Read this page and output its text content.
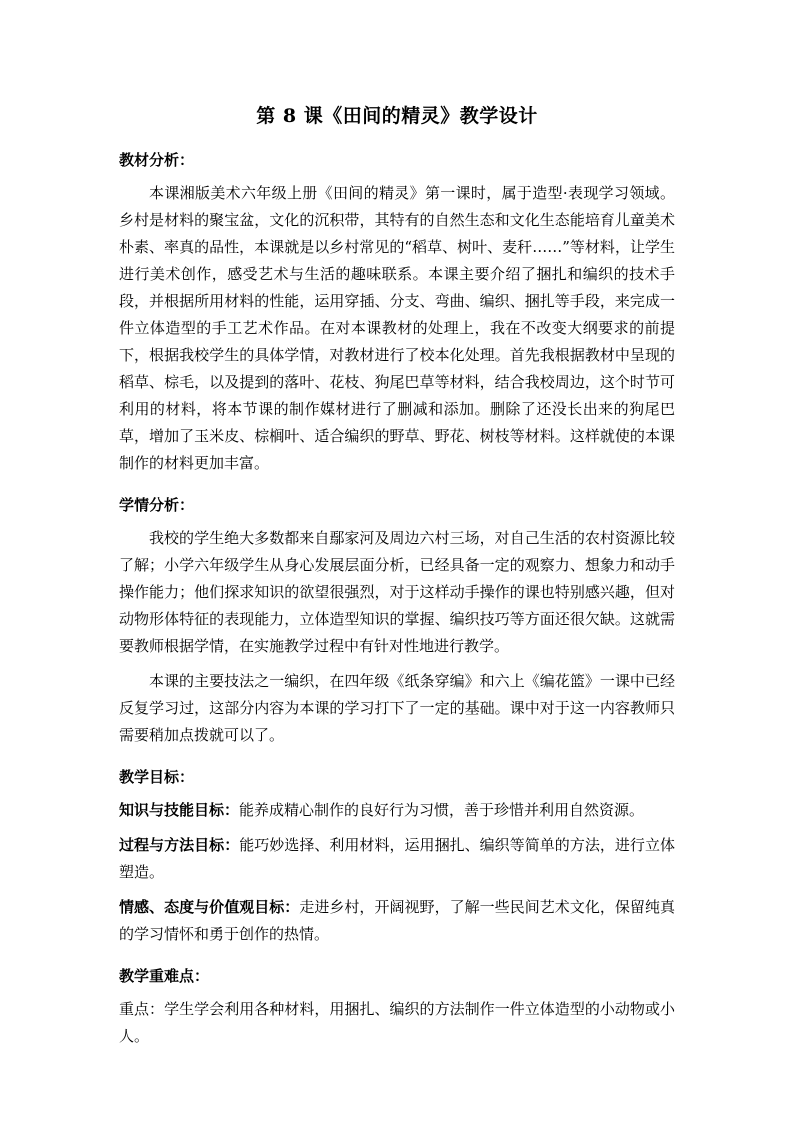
第 8 课《田间的精灵》教学设计
教材分析：

本课湘版美术六年级上册《田间的精灵》第一课时，属于造型·表现学习领域。乡村是材料的聚宝盆，文化的沉积带，其特有的自然生态和文化生态能培育儿童美术朴素、率真的品性，本课就是以乡村常见的“稻草、树叶、麦秆……”等材料，让学生进行美术创作，感受艺术与生活的趣味联系。本课主要介绍了捆扎和编织的技术手段，并根据所用材料的性能，运用穿插、分支、弯曲、编织、捆扎等手段，来完成一件立体造型的手工艺术作品。在对本课教材的处理上，我在不改变大纲要求的前提下，根据我校学生的具体学情，对教材进行了校本化处理。首先我根据教材中呈现的稻草、棕毛，以及提到的落叶、花枝、狗尾巴草等材料，结合我校周边，这个时节可利用的材料，将本节课的制作媒材进行了删减和添加。删除了还没长出来的狗尾巴草，增加了玉米皮、棕榈叶、适合编织的野草、野花、树枝等材料。这样就使的本课制作的材料更加丰富。

学情分析：

我校的学生绝大多数都来自鄢家河及周边六村三场，对自己生活的农村资源比较了解；小学六年级学生从身心发展层面分析，已经具备一定的观察力、想象力和动手操作能力；他们探求知识的欲望很强烈，对于这样动手操作的课也特别感兴趣，但对动物形体特征的表现能力，立体造型知识的掌握、编织技巧等方面还很欠缺。这就需要教师根据学情，在实施教学过程中有针对性地进行教学。

本课的主要技法之一编织，在四年级《纸条穿编》和六上《编花篮》一课中已经反复学习过，这部分内容为本课的学习打下了一定的基础。课中对于这一内容教师只需要稍加点拨就可以了。

教学目标：

知识与技能目标：能养成精心制作的良好行为习惯，善于珍惜并利用自然资源。

过程与方法目标：能巧妙选择、利用材料，运用捆扎、编织等简单的方法，进行立体塑造。

情感、态度与价值观目标：走进乡村，开阔视野，了解一些民间艺术文化，保留纯真的学习情怀和勇于创作的热情。

教学重难点：

重点：学生学会利用各种材料，用捆扎、编织的方法制作一件立体造型的小动物或小人。
